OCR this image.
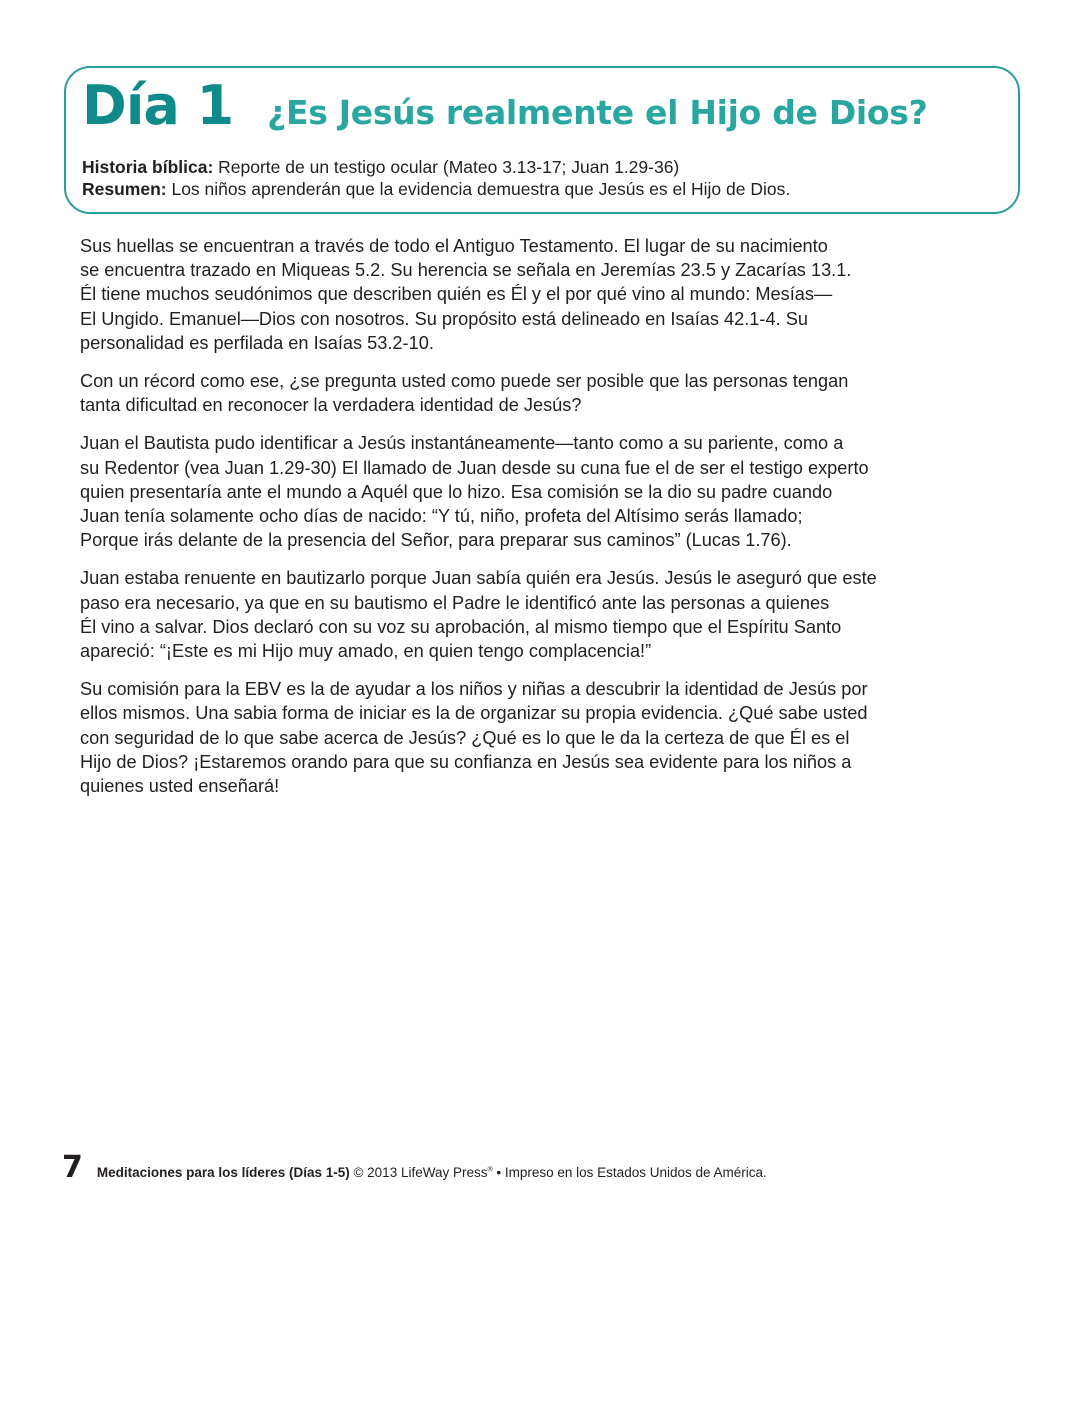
Día 1 ¿Es Jesús realmente el Hijo de Dios?
Historia bíblica: Reporte de un testigo ocular (Mateo 3.13-17; Juan 1.29-36)
Resumen: Los niños aprenderán que la evidencia demuestra que Jesús es el Hijo de Dios.

Sus huellas se encuentran a través de todo el Antiguo Testamento. El lugar de su nacimiento
se encuentra trazado en Miqueas 5.2. Su herencia se señala en Jeremías 23.5 y Zacarías 13.1.
Él tiene muchos seudónimos que describen quién es Él y el por qué vino al mundo: Mesías—
El Ungido. Emanuel—Dios con nosotros. Su propósito está delineado en Isaías 42.1-4. Su
personalidad es perfilada en Isaías 53.2-10.

Con un récord como ese, ¿se pregunta usted como puede ser posible que las personas tengan
tanta dificultad en reconocer la verdadera identidad de Jesús?

Juan el Bautista pudo identificar a Jesús instantáneamente—tanto como a su pariente, como a
su Redentor (vea Juan 1.29-30) El llamado de Juan desde su cuna fue el de ser el testigo experto
quien presentaría ante el mundo a Aquél que lo hizo. Esa comisión se la dio su padre cuando
Juan tenía solamente ocho días de nacido: “Y tú, niño, profeta del Altísimo serás llamado;
Porque irás delante de la presencia del Señor, para preparar sus caminos” (Lucas 1.76).

Juan estaba renuente en bautizarlo porque Juan sabía quién era Jesús. Jesús le aseguró que este
paso era necesario, ya que en su bautismo el Padre le identificó ante las personas a quienes
Él vino a salvar. Dios declaró con su voz su aprobación, al mismo tiempo que el Espíritu Santo
apareció: “¡Este es mi Hijo muy amado, en quien tengo complacencia!”

Su comisión para la EBV es la de ayudar a los niños y niñas a descubrir la identidad de Jesús por
ellos mismos. Una sabia forma de iniciar es la de organizar su propia evidencia. ¿Qué sabe usted
con seguridad de lo que sabe acerca de Jesús? ¿Qué es lo que le da la certeza de que Él es el
Hijo de Dios? ¡Estaremos orando para que su confianza en Jesús sea evidente para los niños a
quienes usted enseñará!

7 Meditaciones para los líderes (Días 1-5) © 2013 LifeWay Press® • Impreso en los Estados Unidos de América.
